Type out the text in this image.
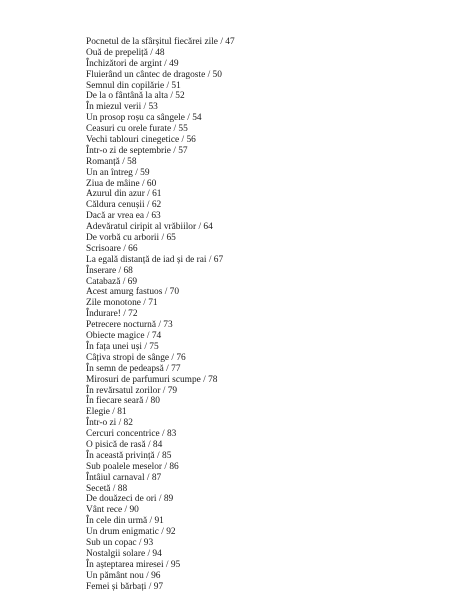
Pocnetul de la sfârșitul fiecărei zile / 47
Ouă de prepeliță / 48
Închizători de argint / 49
Fluierând un cântec de dragoste / 50
Semnul din copilărie / 51
De la o fântână la alta / 52
În miezul verii / 53
Un prosop roșu ca sângele / 54
Ceasuri cu orele furate / 55
Vechi tablouri cinegetice / 56
Într-o zi de septembrie / 57
Romanță / 58
Un an întreg / 59
Ziua de mâine / 60
Azurul din azur / 61
Căldura cenușii / 62
Dacă ar vrea ea / 63
Adevăratul ciripit al vrăbiilor / 64
De vorbă cu arborii / 65
Scrisoare / 66
La egală distanță de iad și de rai / 67
Înserare / 68
Catabază / 69
Acest amurg fastuos / 70
Zile monotone / 71
Îndurare! / 72
Petrecere nocturnă / 73
Obiecte magice / 74
În fața unei uși / 75
Câțiva stropi de sânge / 76
În semn de pedeapsă / 77
Mirosuri de parfumuri scumpe / 78
În revărsatul zorilor / 79
În fiecare seară / 80
Elegie / 81
Într-o zi / 82
Cercuri concentrice / 83
O pisică de rasă / 84
În această privință / 85
Sub poalele meselor / 86
Întâiul carnaval / 87
Secetă / 88
De douăzeci de ori / 89
Vânt rece / 90
În cele din urmă / 91
Un drum enigmatic / 92
Sub un copac / 93
Nostalgii solare / 94
În așteptarea miresei / 95
Un pământ nou / 96
Femei și bărbați / 97
